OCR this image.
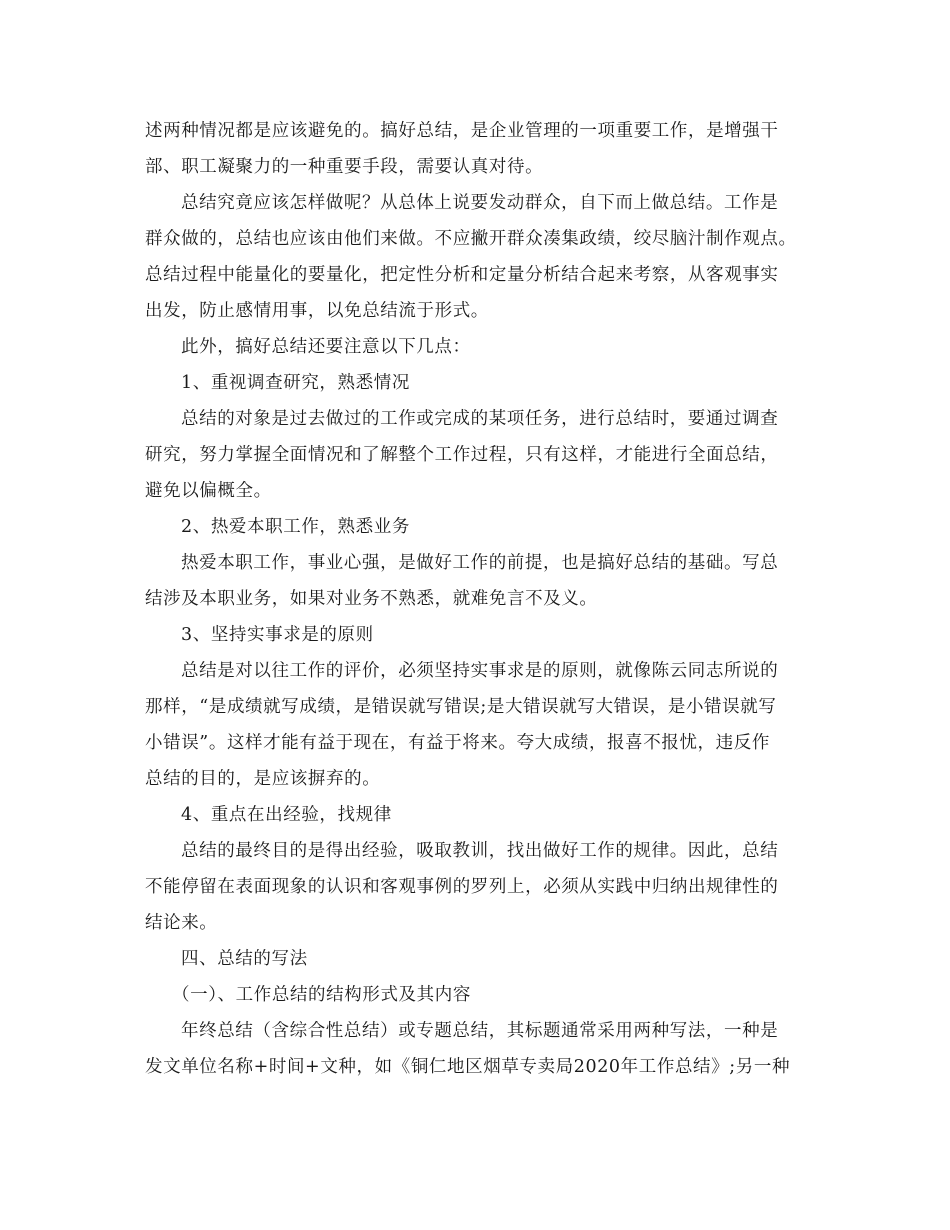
述两种情况都是应该避免的。搞好总结，是企业管理的一项重要工作，是增强干
部、职工凝聚力的一种重要手段，需要认真对待。
总结究竟应该怎样做呢？从总体上说要发动群众，自下而上做总结。工作是
群众做的，总结也应该由他们来做。不应撇开群众凑集政绩，绞尽脑汁制作观点。
总结过程中能量化的要量化，把定性分析和定量分析结合起来考察，从客观事实
出发，防止感情用事，以免总结流于形式。
此外，搞好总结还要注意以下几点：
1、重视调查研究，熟悉情况
总结的对象是过去做过的工作或完成的某项任务，进行总结时，要通过调查
研究，努力掌握全面情况和了解整个工作过程，只有这样，才能进行全面总结，
避免以偏概全。
2、热爱本职工作，熟悉业务
热爱本职工作，事业心强，是做好工作的前提，也是搞好总结的基础。写总
结涉及本职业务，如果对业务不熟悉，就难免言不及义。
3、坚持实事求是的原则
总结是对以往工作的评价，必须坚持实事求是的原则，就像陈云同志所说的
那样，“是成绩就写成绩，是错误就写错误;是大错误就写大错误，是小错误就写
小错误”。这样才能有益于现在，有益于将来。夸大成绩，报喜不报忧，违反作
总结的目的，是应该摒弃的。
4、重点在出经验，找规律
总结的最终目的是得出经验，吸取教训，找出做好工作的规律。因此，总结
不能停留在表面现象的认识和客观事例的罗列上，必须从实践中归纳出规律性的
结论来。
四、总结的写法
（一）、工作总结的结构形式及其内容
年终总结（含综合性总结）或专题总结，其标题通常采用两种写法，一种是
发文单位名称+时间+文种，如《铜仁地区烟草专卖局2020年工作总结》;另一种
